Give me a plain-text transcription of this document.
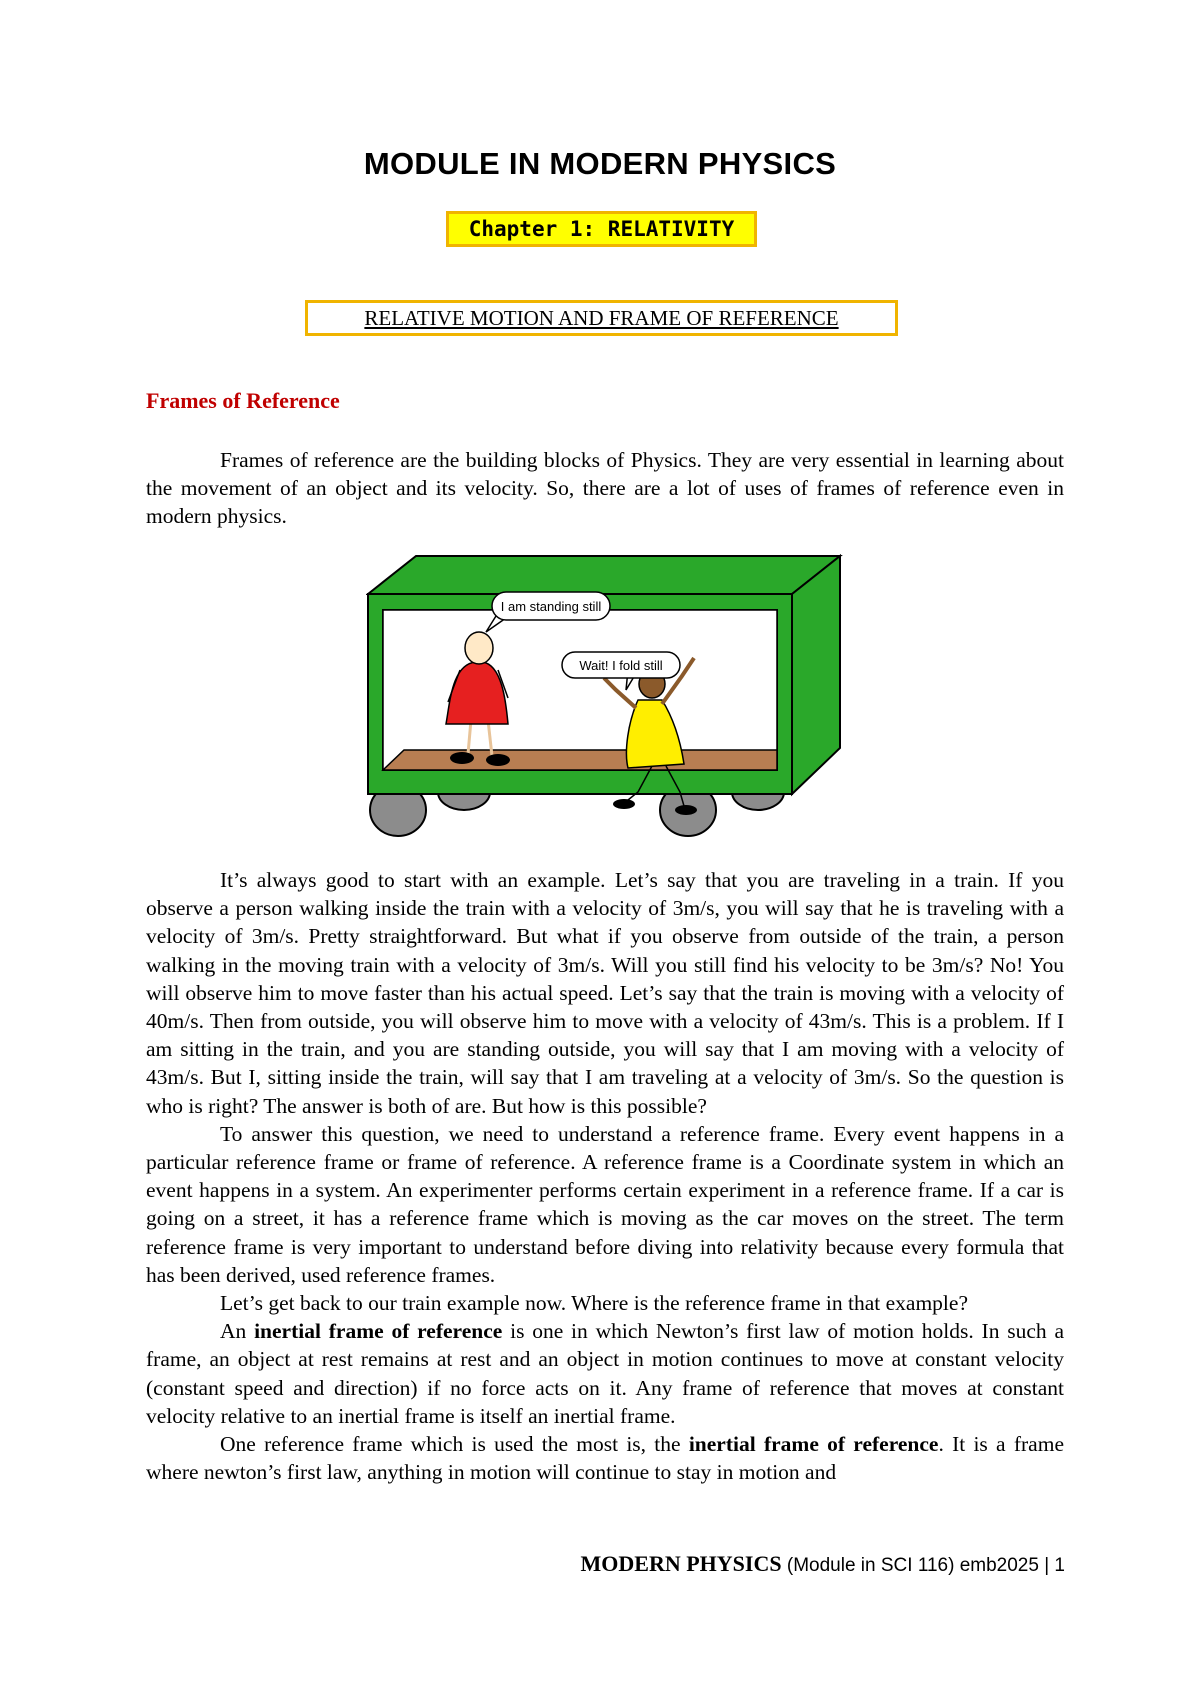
MODULE IN MODERN PHYSICS
Chapter 1: RELATIVITY
RELATIVE MOTION AND FRAME OF REFERENCE
Frames of Reference

Frames of reference are the building blocks of Physics. They are very essential in learning about the movement of an object and its velocity. So, there are a lot of uses of frames of reference even in modern physics.

I am standing still
Wait! I fold still

It’s always good to start with an example. Let’s say that you are traveling in a train. If you observe a person walking inside the train with a velocity of 3m/s, you will say that he is traveling with a velocity of 3m/s. Pretty straightforward. But what if you observe from outside of the train, a person walking in the moving train with a velocity of 3m/s. Will you still find his velocity to be 3m/s? No! You will observe him to move faster than his actual speed. Let’s say that the train is moving with a velocity of 40m/s. Then from outside, you will observe him to move with a velocity of 43m/s. This is a problem. If I am sitting in the train, and you are standing outside, you will say that I am moving with a velocity of 43m/s. But I, sitting inside the train, will say that I am traveling at a velocity of 3m/s. So the question is who is right? The answer is both of are. But how is this possible?

To answer this question, we need to understand a reference frame. Every event happens in a particular reference frame or frame of reference. A reference frame is a Coordinate system in which an event happens in a system. An experimenter performs certain experiment in a reference frame. If a car is going on a street, it has a reference frame which is moving as the car moves on the street. The term reference frame is very important to understand before diving into relativity because every formula that has been derived, used reference frames.

Let’s get back to our train example now. Where is the reference frame in that example?

An inertial frame of reference is one in which Newton’s first law of motion holds. In such a frame, an object at rest remains at rest and an object in motion continues to move at constant velocity (constant speed and direction) if no force acts on it. Any frame of reference that moves at constant velocity relative to an inertial frame is itself an inertial frame.

One reference frame which is used the most is, the inertial frame of reference. It is a frame where newton’s first law, anything in motion will continue to stay in motion and

MODERN PHYSICS (Module in SCI 116) emb2025 | 1
